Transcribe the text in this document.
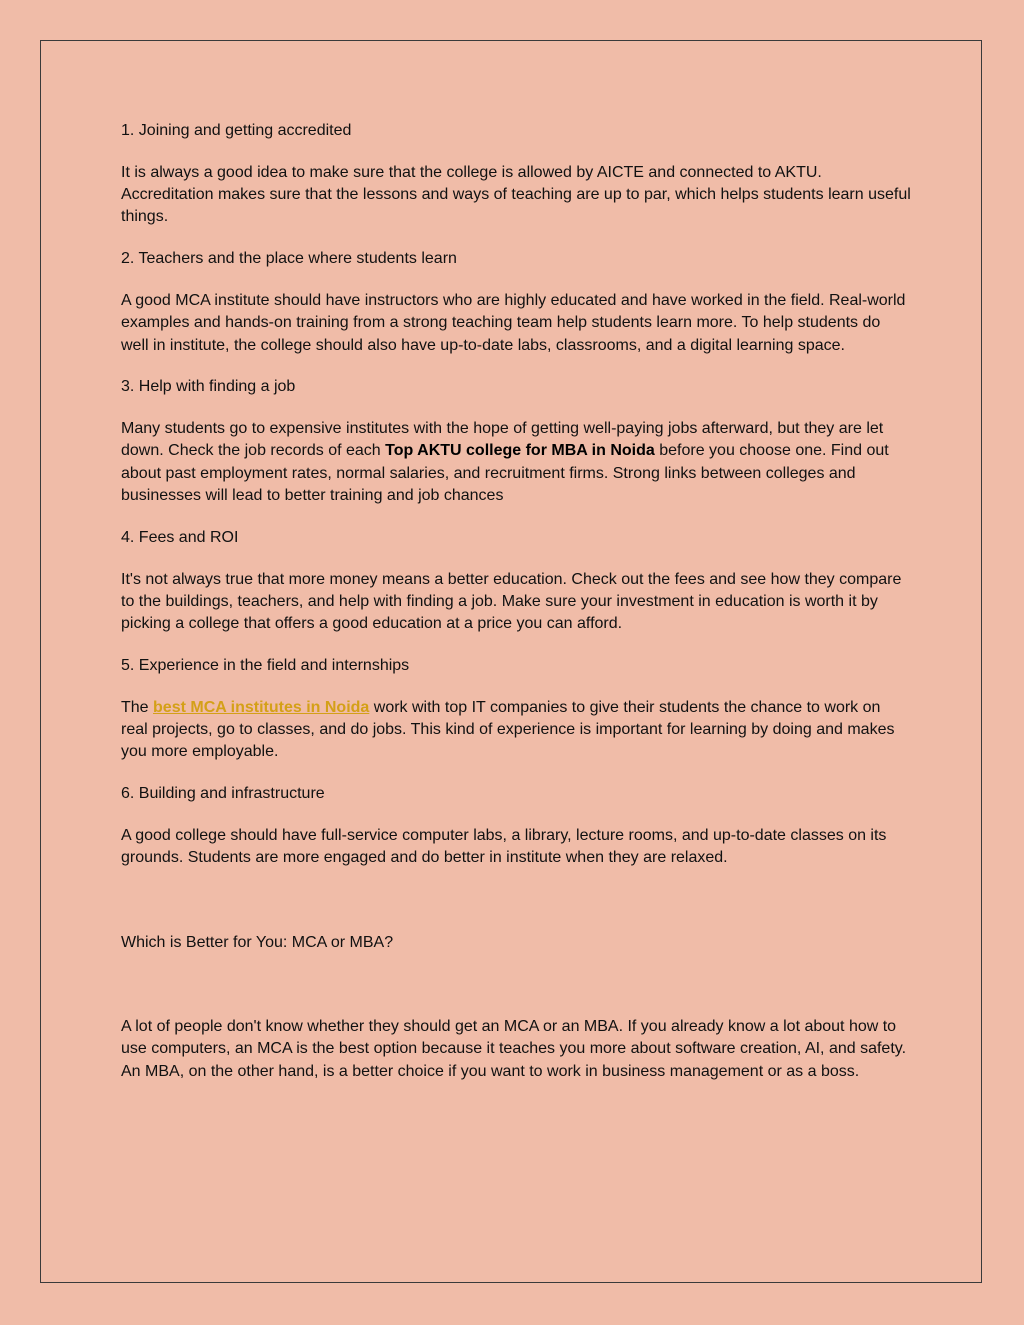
1. Joining and getting accredited

It is always a good idea to make sure that the college is allowed by AICTE and connected to AKTU. Accreditation makes sure that the lessons and ways of teaching are up to par, which helps students learn useful things.

2. Teachers and the place where students learn

A good MCA institute should have instructors who are highly educated and have worked in the field. Real-world examples and hands-on training from a strong teaching team help students learn more. To help students do well in institute, the college should also have up-to-date labs, classrooms, and a digital learning space.

3. Help with finding a job

Many students go to expensive institutes with the hope of getting well-paying jobs afterward, but they are let down. Check the job records of each Top AKTU college for MBA in Noida before you choose one. Find out about past employment rates, normal salaries, and recruitment firms. Strong links between colleges and businesses will lead to better training and job chances

4. Fees and ROI

It's not always true that more money means a better education. Check out the fees and see how they compare to the buildings, teachers, and help with finding a job. Make sure your investment in education is worth it by picking a college that offers a good education at a price you can afford.

5. Experience in the field and internships

The best MCA institutes in Noida work with top IT companies to give their students the chance to work on real projects, go to classes, and do jobs. This kind of experience is important for learning by doing and makes you more employable.

6. Building and infrastructure

A good college should have full-service computer labs, a library, lecture rooms, and up-to-date classes on its grounds. Students are more engaged and do better in institute when they are relaxed.

Which is Better for You: MCA or MBA?

A lot of people don't know whether they should get an MCA or an MBA. If you already know a lot about how to use computers, an MCA is the best option because it teaches you more about software creation, AI, and safety. An MBA, on the other hand, is a better choice if you want to work in business management or as a boss.
